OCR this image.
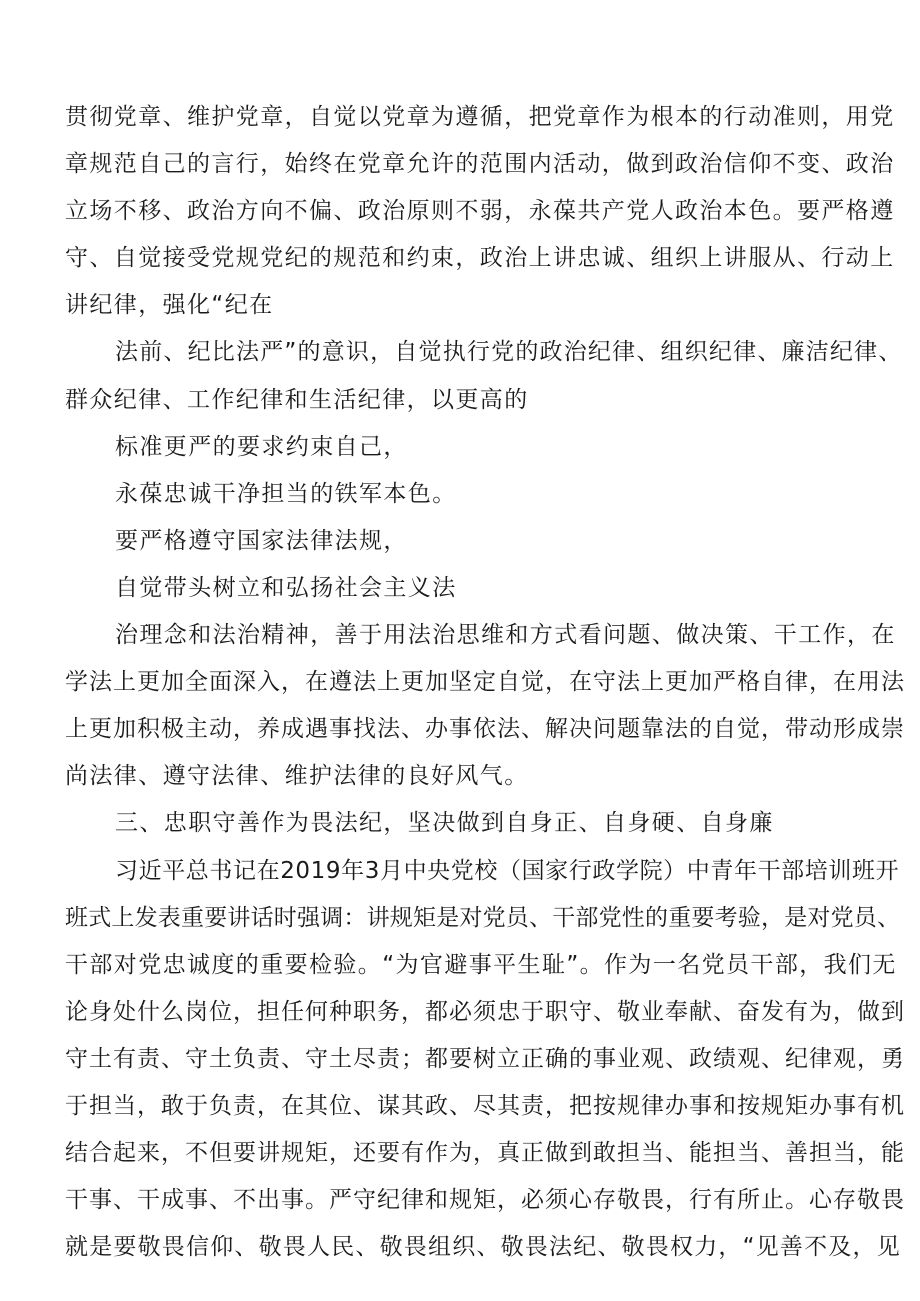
贯彻党章、维护党章，自觉以党章为遵循，把党章作为根本的行动准则，用党
章规范自己的言行，始终在党章允许的范围内活动，做到政治信仰不变、政治
立场不移、政治方向不偏、政治原则不弱，永葆共产党人政治本色。要严格遵
守、自觉接受党规党纪的规范和约束，政治上讲忠诚、组织上讲服从、行动上
讲纪律，强化“纪在
法前、纪比法严”的意识，自觉执行党的政治纪律、组织纪律、廉洁纪律、
群众纪律、工作纪律和生活纪律，以更高的
标准更严的要求约束自己，
永葆忠诚干净担当的铁军本色。
要严格遵守国家法律法规，
自觉带头树立和弘扬社会主义法
治理念和法治精神，善于用法治思维和方式看问题、做决策、干工作，在
学法上更加全面深入，在遵法上更加坚定自觉，在守法上更加严格自律，在用法
上更加积极主动，养成遇事找法、办事依法、解决问题靠法的自觉，带动形成崇
尚法律、遵守法律、维护法律的良好风气。
三、忠职守善作为畏法纪，坚决做到自身正、自身硬、自身廉
习近平总书记在2019年3月中央党校（国家行政学院）中青年干部培训班开
班式上发表重要讲话时强调：讲规矩是对党员、干部党性的重要考验，是对党员、
干部对党忠诚度的重要检验。“为官避事平生耻”。作为一名党员干部，我们无
论身处什么岗位，担任何种职务，都必须忠于职守、敬业奉献、奋发有为，做到
守土有责、守土负责、守土尽责；都要树立正确的事业观、政绩观、纪律观，勇
于担当，敢于负责，在其位、谋其政、尽其责，把按规律办事和按规矩办事有机
结合起来，不但要讲规矩，还要有作为，真正做到敢担当、能担当、善担当，能
干事、干成事、不出事。严守纪律和规矩，必须心存敬畏，行有所止。心存敬畏
就是要敬畏信仰、敬畏人民、敬畏组织、敬畏法纪、敬畏权力，“见善不及，见
